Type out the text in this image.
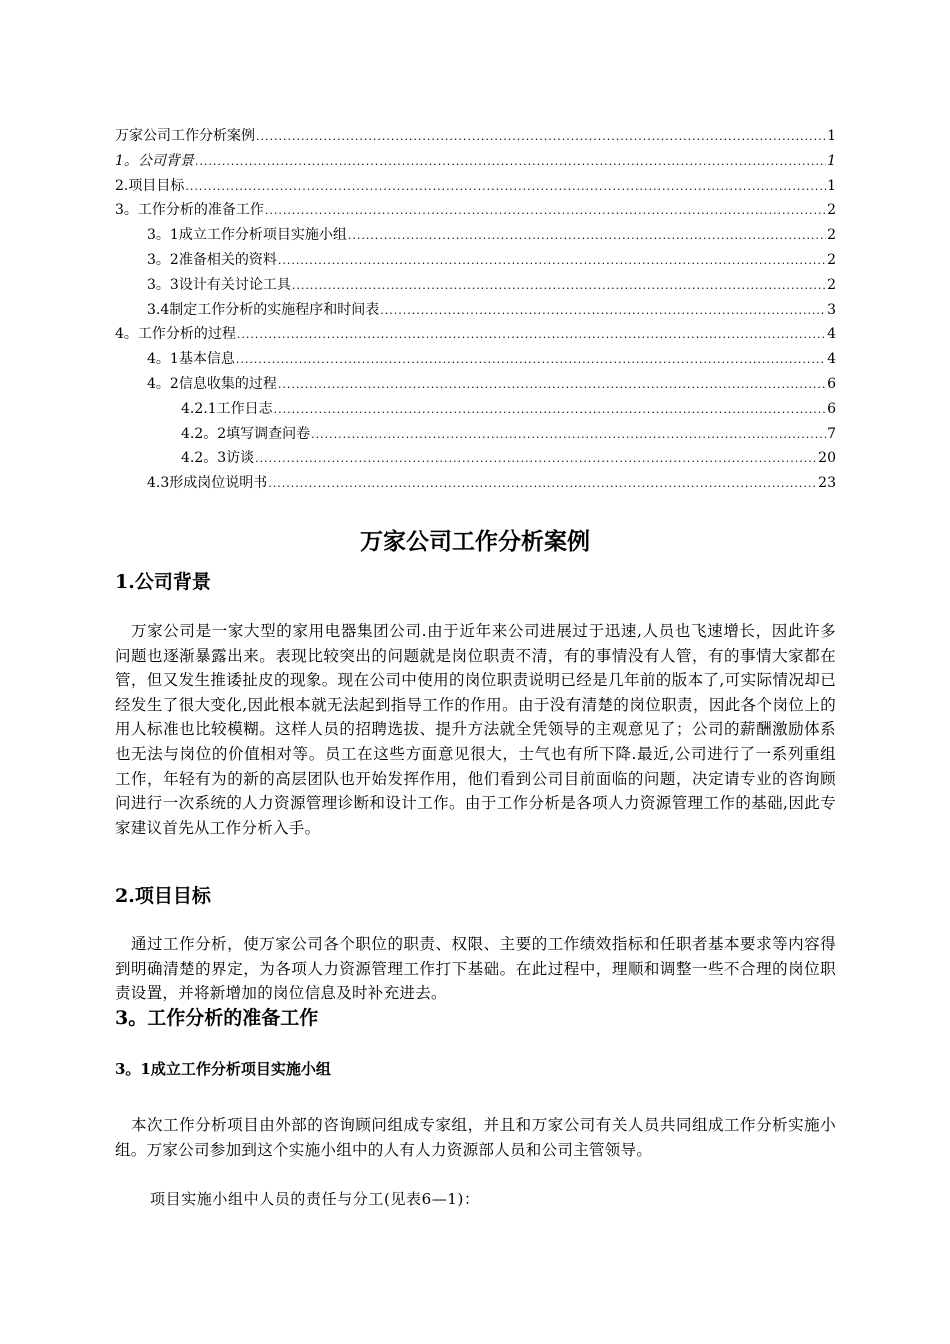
万家公司工作分析案例 .....	1
1。公司背景 .....	1
2.项目目标 .....	1
3。工作分析的准备工作 .....	2
3。1成立工作分析项目实施小组 .....	2
3。2准备相关的资料 .....	2
3。3设计有关讨论工具 .....	2
3.4制定工作分析的实施程序和时间表 .....	3
4。工作分析的过程 .....	4
4。1基本信息 .....	4
4。2信息收集的过程 .....	6
4.2.1工作日志 .....	6
4.2。2填写调查问卷 .....	7
4.2。3访谈 .....	20
4.3形成岗位说明书 .....	23
万家公司工作分析案例
1.公司背景
万家公司是一家大型的家用电器集团公司.由于近年来公司进展过于迅速,人员也飞速增长，因此许多问题也逐渐暴露出来。表现比较突出的问题就是岗位职责不清，有的事情没有人管，有的事情大家都在管，但又发生推诿扯皮的现象。现在公司中使用的岗位职责说明已经是几年前的版本了,可实际情况却已经发生了很大变化,因此根本就无法起到指导工作的作用。由于没有清楚的岗位职责，因此各个岗位上的用人标准也比较模糊。这样人员的招聘选拔、提升方法就全凭领导的主观意见了；公司的薪酬激励体系也无法与岗位的价值相对等。员工在这些方面意见很大，士气也有所下降.最近,公司进行了一系列重组工作，年轻有为的新的高层团队也开始发挥作用，他们看到公司目前面临的问题，决定请专业的咨询顾问进行一次系统的人力资源管理诊断和设计工作。由于工作分析是各项人力资源管理工作的基础,因此专家建议首先从工作分析入手。
2.项目目标
通过工作分析，使万家公司各个职位的职责、权限、主要的工作绩效指标和任职者基本要求等内容得到明确清楚的界定，为各项人力资源管理工作打下基础。在此过程中，理顺和调整一些不合理的岗位职责设置，并将新增加的岗位信息及时补充进去。
3。工作分析的准备工作
3。1成立工作分析项目实施小组
本次工作分析项目由外部的咨询顾问组成专家组，并且和万家公司有关人员共同组成工作分析实施小组。万家公司参加到这个实施小组中的人有人力资源部人员和公司主管领导。
项目实施小组中人员的责任与分工(见表6—1)：
